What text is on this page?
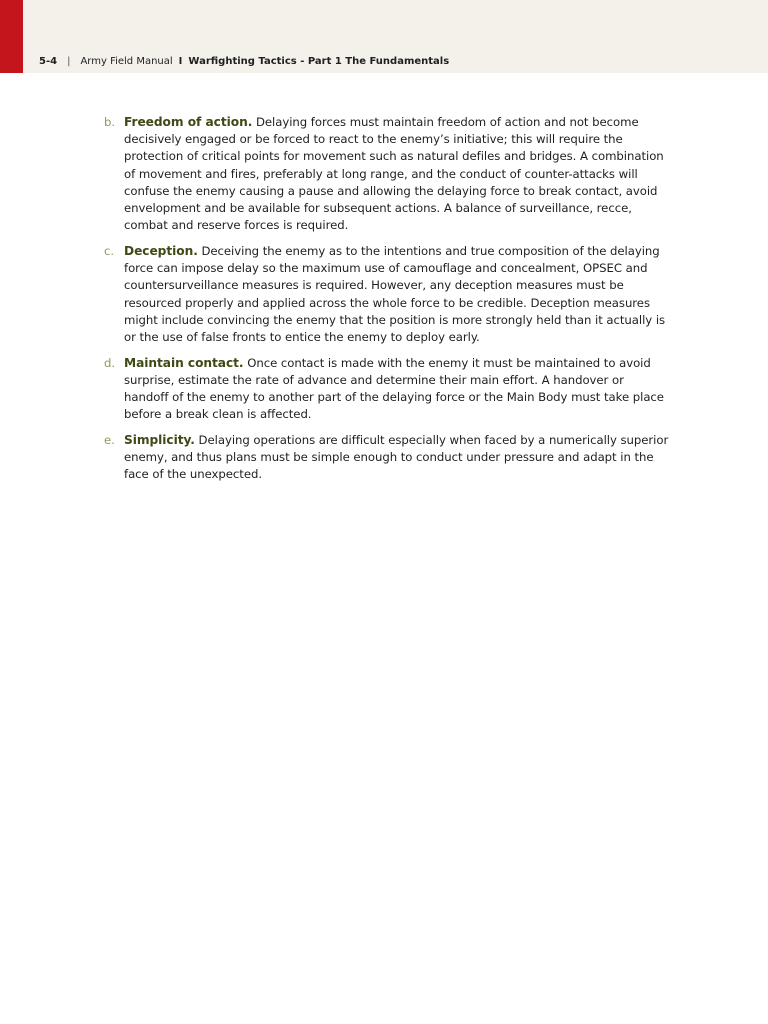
5-4 | Army Field Manual I Warfighting Tactics - Part 1 The Fundamentals
b. Freedom of action. Delaying forces must maintain freedom of action and not become decisively engaged or be forced to react to the enemy’s initiative; this will require the protection of critical points for movement such as natural defiles and bridges. A combination of movement and fires, preferably at long range, and the conduct of counter-attacks will confuse the enemy causing a pause and allowing the delaying force to break contact, avoid envelopment and be available for subsequent actions. A balance of surveillance, recce, combat and reserve forces is required.
c. Deception. Deceiving the enemy as to the intentions and true composition of the delaying force can impose delay so the maximum use of camouflage and concealment, OPSEC and countersurveillance measures is required. However, any deception measures must be resourced properly and applied across the whole force to be credible. Deception measures might include convincing the enemy that the position is more strongly held than it actually is or the use of false fronts to entice the enemy to deploy early.
d. Maintain contact. Once contact is made with the enemy it must be maintained to avoid surprise, estimate the rate of advance and determine their main effort. A handover or handoff of the enemy to another part of the delaying force or the Main Body must take place before a break clean is affected.
e. Simplicity. Delaying operations are difficult especially when faced by a numerically superior enemy, and thus plans must be simple enough to conduct under pressure and adapt in the face of the unexpected.
